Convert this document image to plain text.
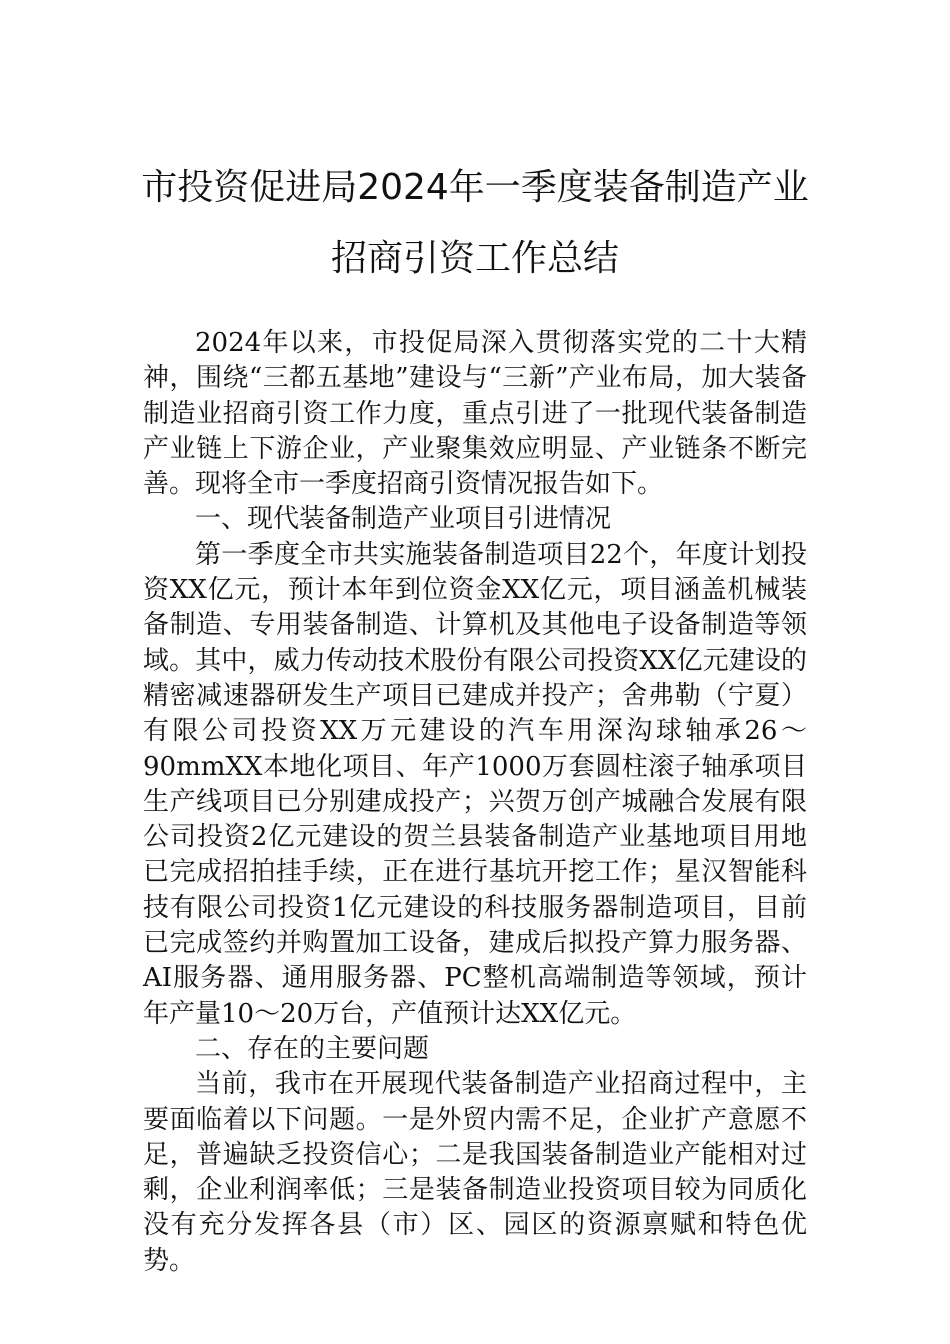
市投资促进局2024年一季度装备制造产业
招商引资工作总结

2024年以来，市投促局深入贯彻落实党的二十大精神，围绕“三都五基地”建设与“三新”产业布局，加大装备制造业招商引资工作力度，重点引进了一批现代装备制造产业链上下游企业，产业聚集效应明显、产业链条不断完善。现将全市一季度招商引资情况报告如下。

一、现代装备制造产业项目引进情况

第一季度全市共实施装备制造项目22个，年度计划投资XX亿元，预计本年到位资金XX亿元，项目涵盖机械装备制造、专用装备制造、计算机及其他电子设备制造等领域。其中，威力传动技术股份有限公司投资XX亿元建设的精密减速器研发生产项目已建成并投产；舍弗勒（宁夏）有限公司投资XX万元建设的汽车用深沟球轴承26～90mmXX本地化项目、年产1000万套圆柱滚子轴承项目生产线项目已分别建成投产；兴贺万创产城融合发展有限公司投资2亿元建设的贺兰县装备制造产业基地项目用地已完成招拍挂手续，正在进行基坑开挖工作；星汉智能科技有限公司投资1亿元建设的科技服务器制造项目，目前已完成签约并购置加工设备，建成后拟投产算力服务器、AI服务器、通用服务器、PC整机高端制造等领域，预计年产量10～20万台，产值预计达XX亿元。

二、存在的主要问题

当前，我市在开展现代装备制造产业招商过程中，主要面临着以下问题。一是外贸内需不足，企业扩产意愿不足，普遍缺乏投资信心；二是我国装备制造业产能相对过剩，企业利润率低；三是装备制造业投资项目较为同质化没有充分发挥各县（市）区、园区的资源禀赋和特色优势。
